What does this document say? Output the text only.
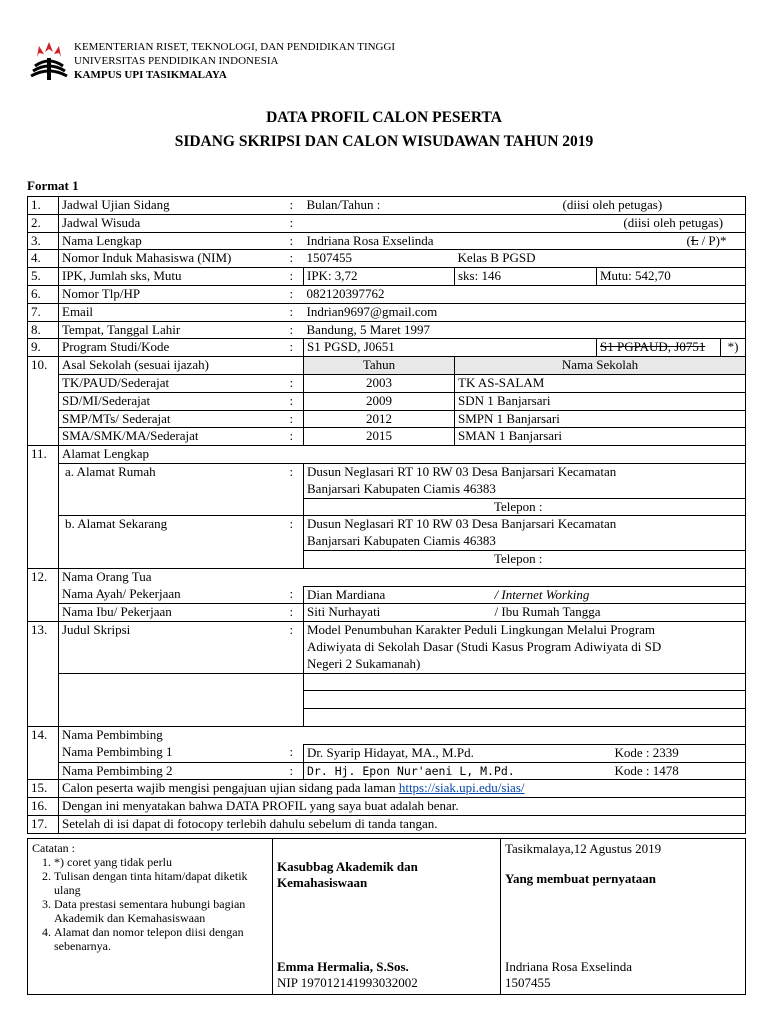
KEMENTERIAN RISET, TEKNOLOGI, DAN PENDIDIKAN TINGGI
UNIVERSITAS PENDIDIKAN INDONESIA
KAMPUS UPI TASIKMALAYA
DATA PROFIL CALON PESERTA
SIDANG SKRIPSI DAN CALON WISUDAWAN TAHUN 2019
Format 1
1.	Jadwal Ujian Sidang	:	Bulan/Tahun :	(diisi oleh petugas)		
2.	Jadwal Wisuda	:	(diisi oleh petugas)			
3.	Nama Lengkap	:	Indriana Rosa Exselinda		(L / P)*	
4.	Nomor Induk Mahasiswa (NIM)	:	1507455	Kelas B PGSD		
5.	IPK, Jumlah sks, Mutu	:	IPK: 3,72	sks: 146	Mutu: 542,70	
6.	Nomor Tlp/HP	:	082120397762			
7.	Email	:	Indrian9697@gmail.com			
8.	Tempat, Tanggal Lahir	:	Bandung, 5 Maret 1997			
9.	Program Studi/Kode	:	S1 PGSD, J0651		S1 PGPAUD, J0751	*)
10.	Asal Sekolah (sesuai ijazah)		Tahun	Nama Sekolah		
	TK/PAUD/Sederajat	:	2003	TK AS-SALAM		
	SD/MI/Sederajat	:	2009	SDN 1 Banjarsari		
	SMP/MTs/ Sederajat	:	2012	SMPN 1 Banjarsari		
	SMA/SMK/MA/Sederajat	:	2015	SMAN 1 Banjarsari		
11.	Alamat Lengkap					
	a. Alamat Rumah	:	Dusun Neglasari RT 10 RW 03 Desa Banjarsari Kecamatan			
			Banjarsari Kabupaten Ciamis 46383			
			Telepon :			
	b. Alamat Sekarang	:	Dusun Neglasari RT 10 RW 03 Desa Banjarsari Kecamatan			
			Banjarsari Kabupaten Ciamis 46383			
			Telepon :			
12.	Nama Orang Tua					
	Nama Ayah/ Pekerjaan	:	Dian Mardiana	/ Internet Working		
	Nama Ibu/ Pekerjaan	:	Siti Nurhayati	/ Ibu Rumah Tangga		
13.	Judul Skripsi	:	Model Penumbuhan Karakter Peduli Lingkungan Melalui Program			
			Adiwiyata di Sekolah Dasar (Studi Kasus Program Adiwiyata di SD			
			Negeri 2 Sukamanah)			

14.	Nama Pembimbing					
	Nama Pembimbing 1	:	Dr. Syarip Hidayat, MA., M.Pd.		Kode : 2339	
	Nama Pembimbing 2	:	Dr. Hj. Epon Nur'aeni L, M.Pd.		Kode : 1478	
15.	Calon peserta wajib mengisi pengajuan ujian sidang pada laman https://siak.upi.edu/sias/					
16.	Dengan ini menyatakan bahwa DATA PROFIL yang saya buat adalah benar.					
17.	Setelah di isi dapat di fotocopy terlebih dahulu sebelum di tanda tangan.					
Catatan :
1. *) coret yang tidak perlu
2. Tulisan dengan tinta hitam/dapat diketik ulang
3. Data prestasi sementara hubungi bagian Akademik dan Kemahasiswaan
4. Alamat dan nomor telepon diisi dengan sebenarnya.

Kasubbag Akademik dan
Kemahasiswaan
Emma Hermalia, S.Sos.
NIP 197012141993032002

Tasikmalaya,12 Agustus 2019
Yang membuat pernyataan
Indriana Rosa Exselinda
1507455
